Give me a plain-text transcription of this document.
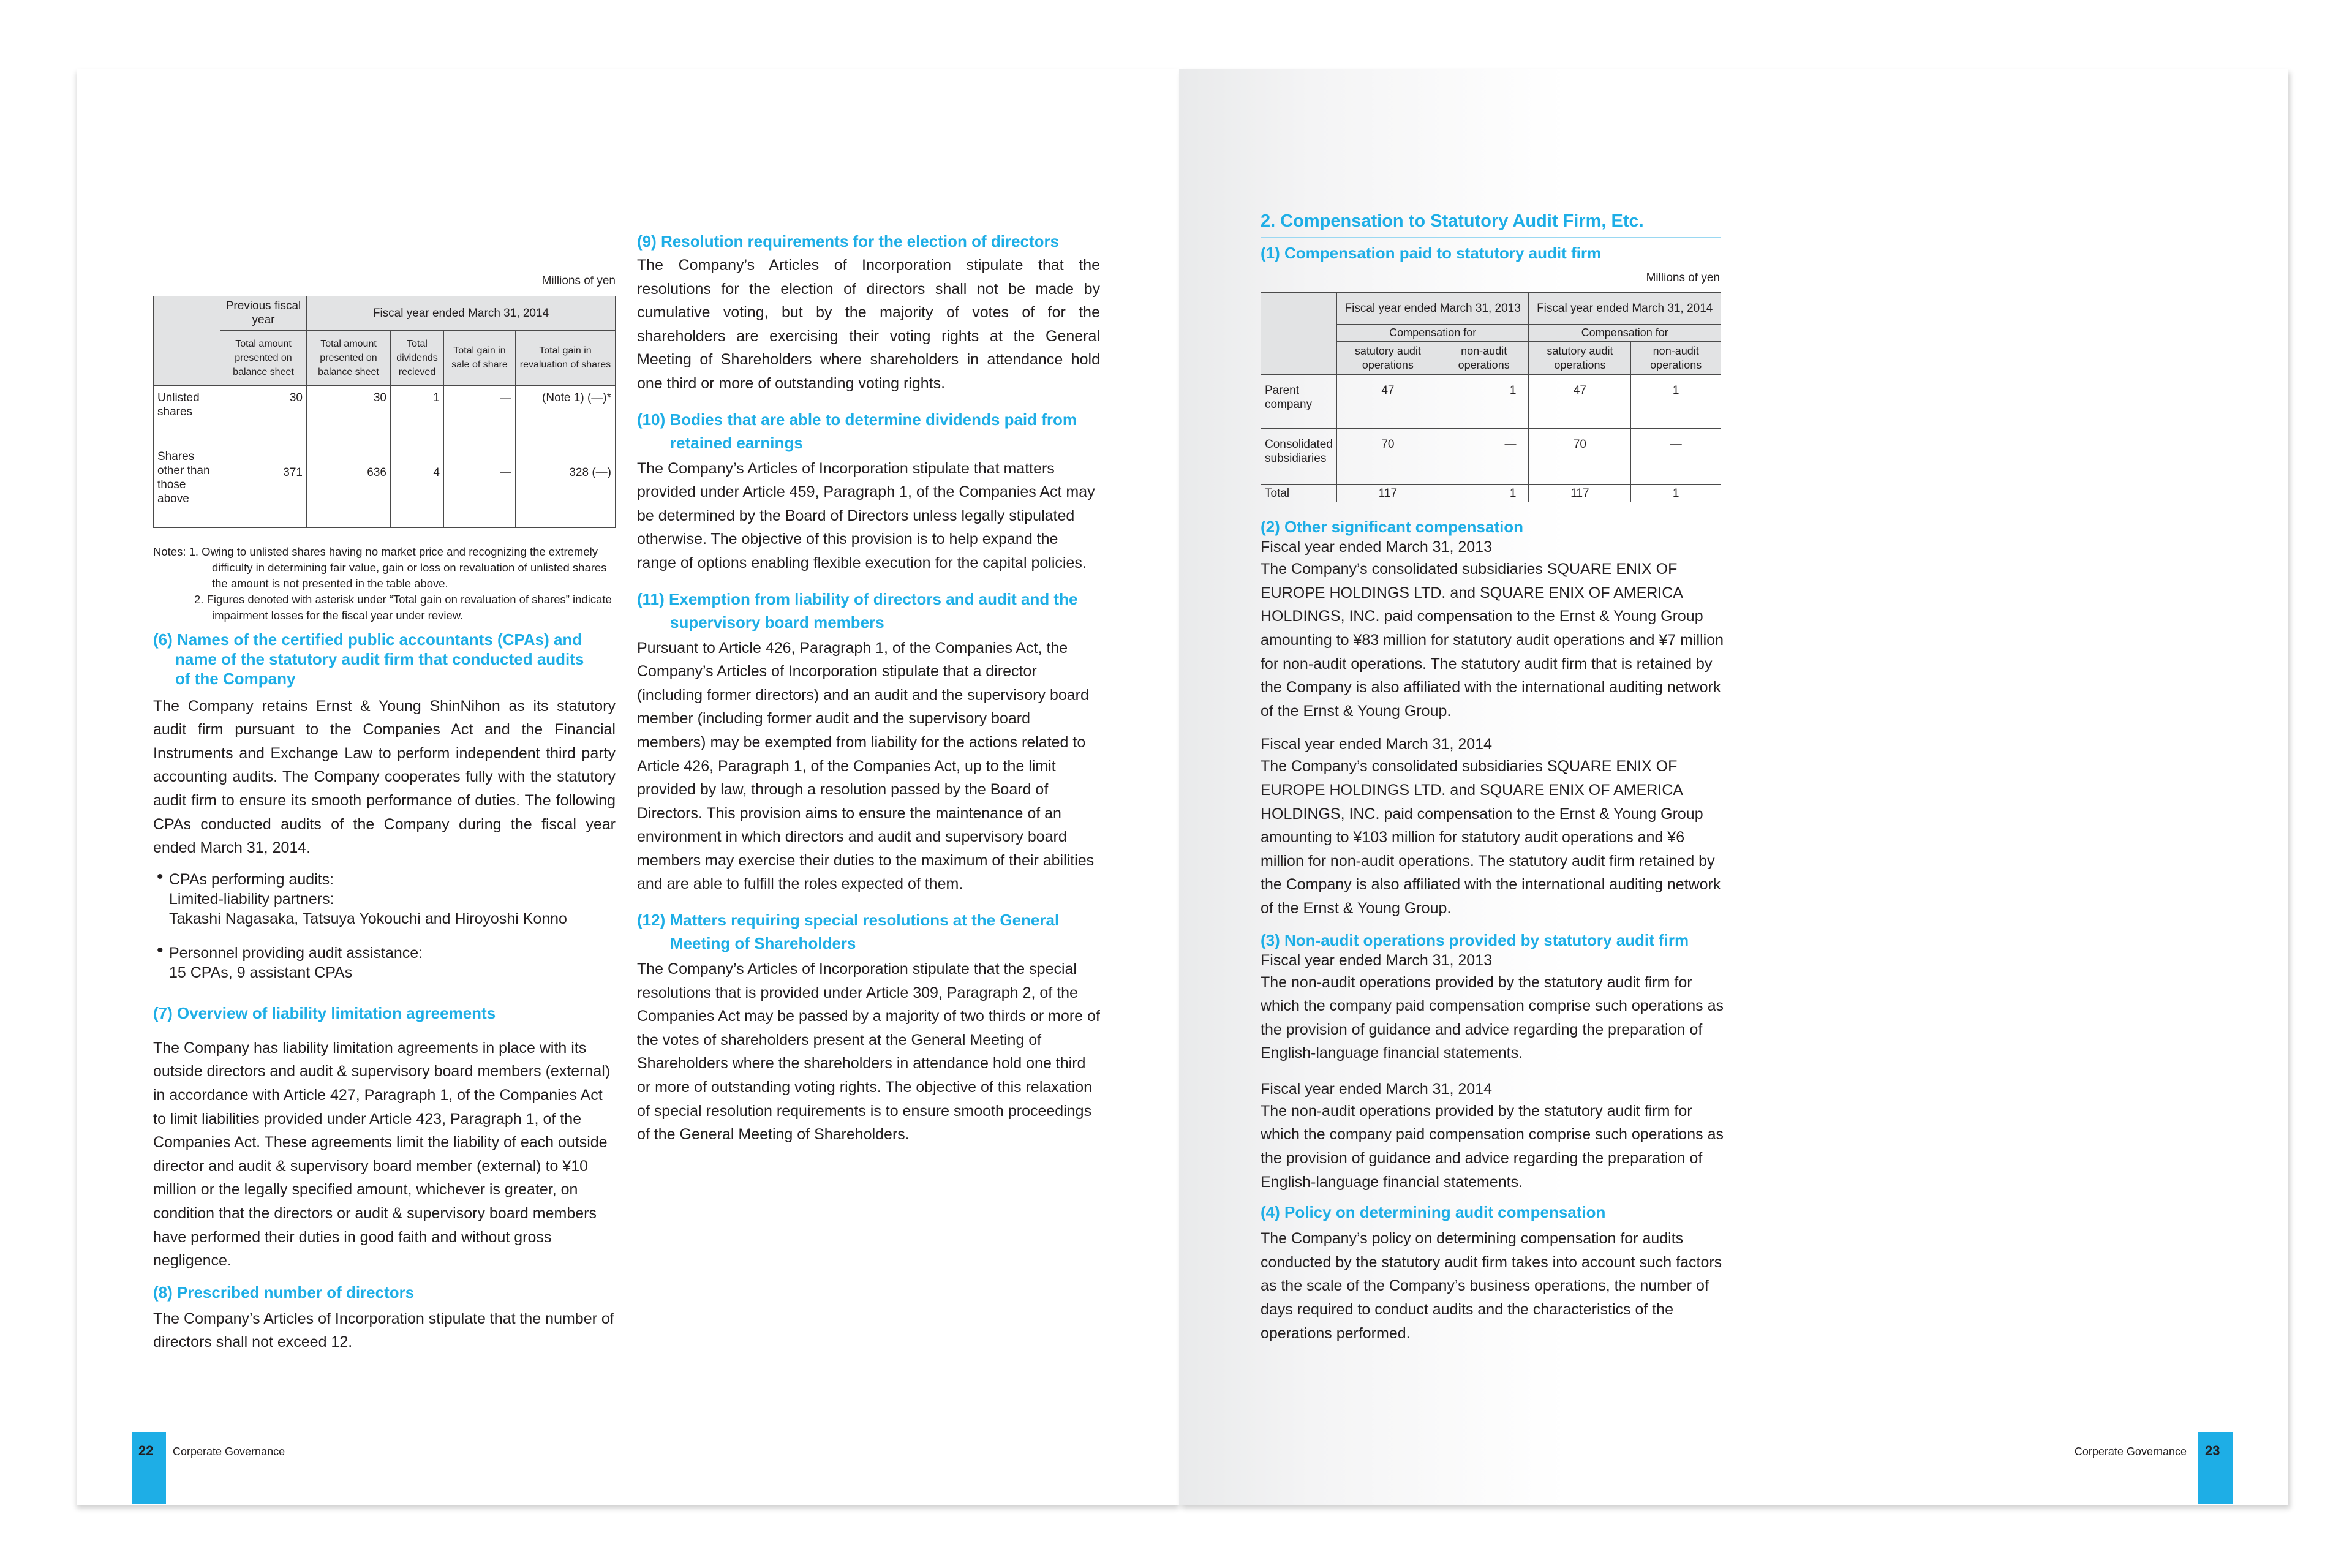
Millions of yen
	Previous fiscal year	Fiscal year ended March 31, 2014			
	Total amount presented on balance sheet	Total amount presented on balance sheet	Total dividends recieved	Total gain in sale of share	Total gain in revaluation of shares
Unlisted shares	30	30	1	—	(Note 1) (—)*
Shares other than those above	371	636	4	—	328 (—)

Notes: 1. Owing to unlisted shares having no market price and recognizing the extremely difficulty in determining fair value, gain or loss on revaluation of unlisted shares the amount is not presented in the table above.

2. Figures denoted with asterisk under “Total gain on revaluation of shares” indicate impairment losses for the fiscal year under review.

(6) Names of the certified public accountants (CPAs) and
name of the statutory audit firm that conducted audits
of the Company

The Company retains Ernst & Young ShinNihon as its statutory audit firm pursuant to the Companies Act and the Financial Instruments and Exchange Law to perform independent third party accounting audits. The Company cooperates fully with the statutory audit firm to ensure its smooth performance of duties. The following CPAs conducted audits of the Company during the fiscal year ended March 31, 2014.

• CPAs performing audits:
Limited-liability partners:
Takashi Nagasaka, Tatsuya Yokouchi and Hiroyoshi Konno
• Personnel providing audit assistance:
15 CPAs, 9 assistant CPAs
(7) Overview of liability limitation agreements

The Company has liability limitation agreements in place with its outside directors and audit & supervisory board members (external) in accordance with Article 427, Paragraph 1, of the Companies Act to limit liabilities provided under Article 423, Paragraph 1, of the Companies Act. These agreements limit the liability of each outside director and audit & supervisory board member (external) to ¥10 million or the legally specified amount, whichever is greater, on condition that the directors or audit & supervisory board members have performed their duties in good faith and without gross negligence.

(8) Prescribed number of directors

The Company’s Articles of Incorporation stipulate that the number of directors shall not exceed 12.

(9) Resolution requirements for the election of directors

The Company’s Articles of Incorporation stipulate that the resolutions for the election of directors shall not be made by cumulative voting, but by the majority of votes of for the shareholders are exercising their voting rights at the General Meeting of Shareholders where shareholders in attendance hold one third or more of outstanding voting rights.

(10) Bodies that are able to determine dividends paid from
retained earnings

The Company’s Articles of Incorporation stipulate that matters provided under Article 459, Paragraph 1, of the Companies Act may be determined by the Board of Directors unless legally stipulated otherwise. The objective of this provision is to help expand the range of options enabling flexible execution for the capital policies.

(11) Exemption from liability of directors and audit and the
supervisory board members

Pursuant to Article 426, Paragraph 1, of the Companies Act, the Company’s Articles of Incorporation stipulate that a director (including former directors) and an audit and the supervisory board member (including former audit and the supervisory board members) may be exempted from liability for the actions related to Article 426, Paragraph 1, of the Companies Act, up to the limit provided by law, through a resolution passed by the Board of Directors. This provision aims to ensure the maintenance of an environment in which directors and audit and supervisory board members may exercise their duties to the maximum of their abilities and are able to fulfill the roles expected of them.

(12) Matters requiring special resolutions at the General
Meeting of Shareholders

The Company’s Articles of Incorporation stipulate that the special resolutions that is provided under Article 309, Paragraph 2, of the Companies Act may be passed by a majority of two thirds or more of the votes of shareholders present at the General Meeting of Shareholders where the shareholders in attendance hold one third or more of outstanding voting rights. The objective of this relaxation of special resolution requirements is to ensure smooth proceedings of the General Meeting of Shareholders.

2. Compensation to Statutory Audit Firm, Etc.
(1) Compensation paid to statutory audit firm
Millions of yen
	Fiscal year ended March 31, 2013		Fiscal year ended March 31, 2014	
	Compensation for		Compensation for	
	satutory audit operations	non-audit operations	satutory audit operations	non-audit operations
Parent company	47	1	47	1
Consolidated subsidiaries	70	—	70	—
Total	117	1	117	1
(2) Other significant compensation

Fiscal year ended March 31, 2013

The Company’s consolidated subsidiaries SQUARE ENIX OF EUROPE HOLDINGS LTD. and SQUARE ENIX OF AMERICA HOLDINGS, INC. paid compensation to the Ernst & Young Group amounting to ¥83 million for statutory audit operations and ¥7 million for non-audit operations. The statutory audit firm that is retained by the Company is also affiliated with the international auditing network of the Ernst & Young Group.

Fiscal year ended March 31, 2014

The Company’s consolidated subsidiaries SQUARE ENIX OF EUROPE HOLDINGS LTD. and SQUARE ENIX OF AMERICA HOLDINGS, INC. paid compensation to the Ernst & Young Group amounting to ¥103 million for statutory audit operations and ¥6 million for non-audit operations. The statutory audit firm retained by the Company is also affiliated with the international auditing network of the Ernst & Young Group.

(3) Non-audit operations provided by statutory audit firm

Fiscal year ended March 31, 2013

The non-audit operations provided by the statutory audit firm for which the company paid compensation comprise such operations as the provision of guidance and advice regarding the preparation of English-language financial statements.

Fiscal year ended March 31, 2014

The non-audit operations provided by the statutory audit firm for which the company paid compensation comprise such operations as the provision of guidance and advice regarding the preparation of English-language financial statements.

(4) Policy on determining audit compensation

The Company’s policy on determining compensation for audits conducted by the statutory audit firm takes into account such factors as the scale of the Company’s business operations, the number of days required to conduct audits and the characteristics of the operations performed.

22 Corperate Governance	Corperate Governance 23
